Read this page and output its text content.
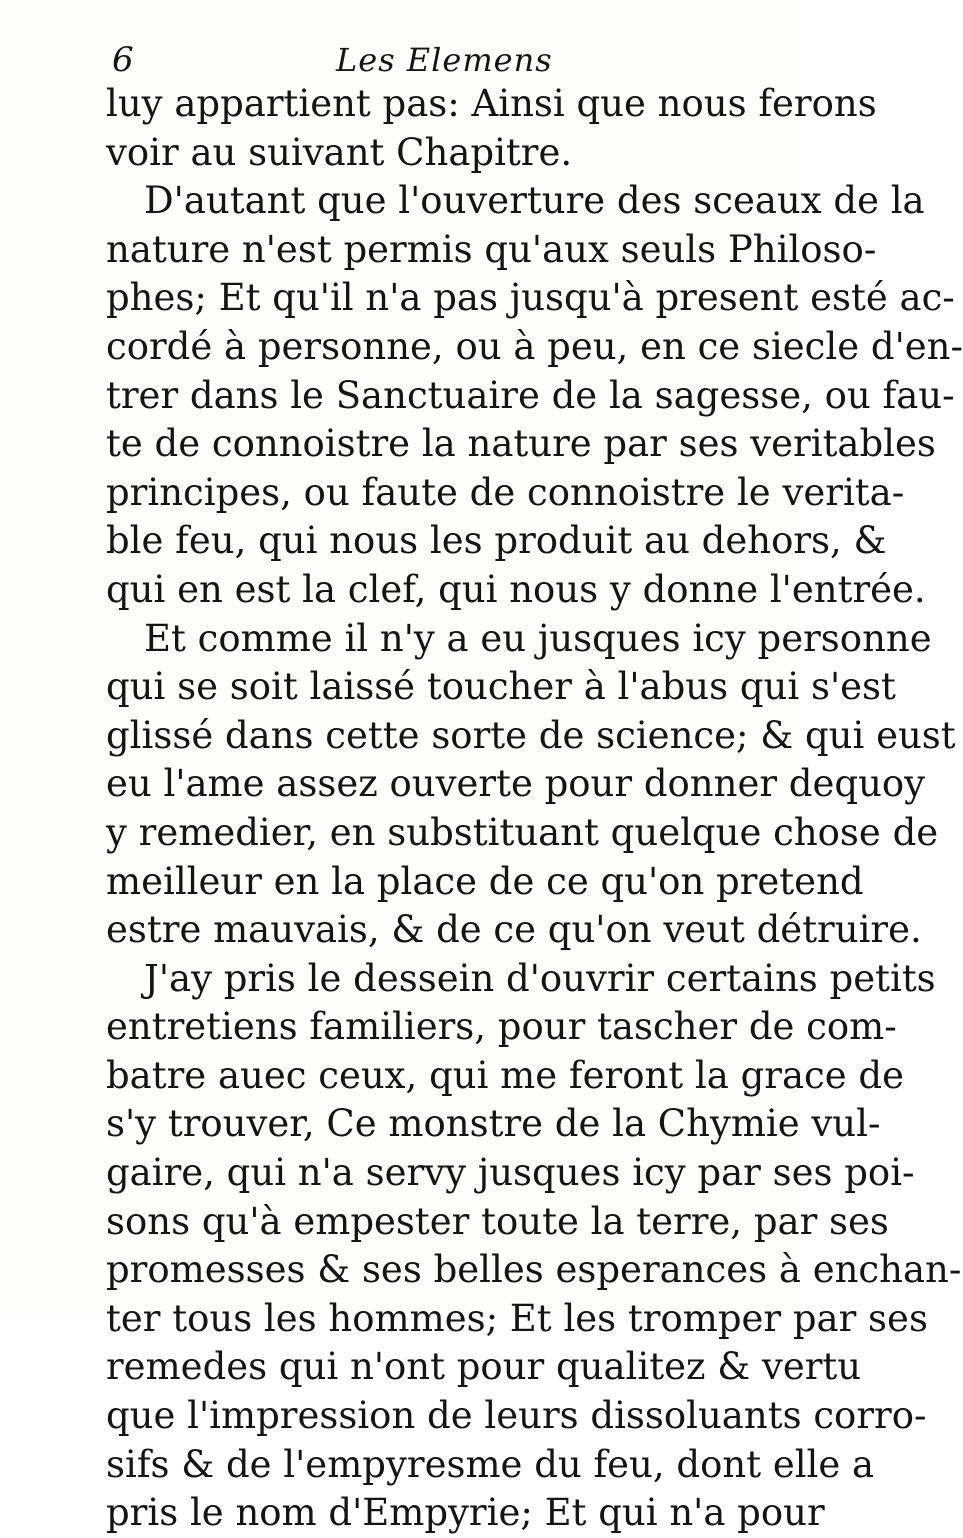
6	Les Elemens
luy appartient pas: Ainsi que nous ferons
voir au suivant Chapitre.
D'autant que l'ouverture des sceaux de la
nature n'est permis qu'aux seuls Philoso-
phes; Et qu'il n'a pas jusqu'à present esté ac-
cordé à personne, ou à peu, en ce siecle d'en-
trer dans le Sanctuaire de la sagesse, ou fau-
te de connoistre la nature par ses veritables
principes, ou faute de connoistre le verita-
ble feu, qui nous les produit au dehors, &
qui en est la clef, qui nous y donne l'entrée.
Et comme il n'y a eu jusques icy personne
qui se soit laissé toucher à l'abus qui s'est
glissé dans cette sorte de science; & qui eust
eu l'ame assez ouverte pour donner dequoy
y remedier, en substituant quelque chose de
meilleur en la place de ce qu'on pretend
estre mauvais, & de ce qu'on veut détruire.
J'ay pris le dessein d'ouvrir certains petits
entretiens familiers, pour tascher de com-
batre auec ceux, qui me feront la grace de
s'y trouver, Ce monstre de la Chymie vul-
gaire, qui n'a servy jusques icy par ses poi-
sons qu'à empester toute la terre, par ses
promesses & ses belles esperances à enchan-
ter tous les hommes; Et les tromper par ses
remedes qui n'ont pour qualitez & vertu
que l'impression de leurs dissoluants corro-
sifs & de l'empyresme du feu, dont elle a
pris le nom d'Empyrie; Et qui n'a pour
